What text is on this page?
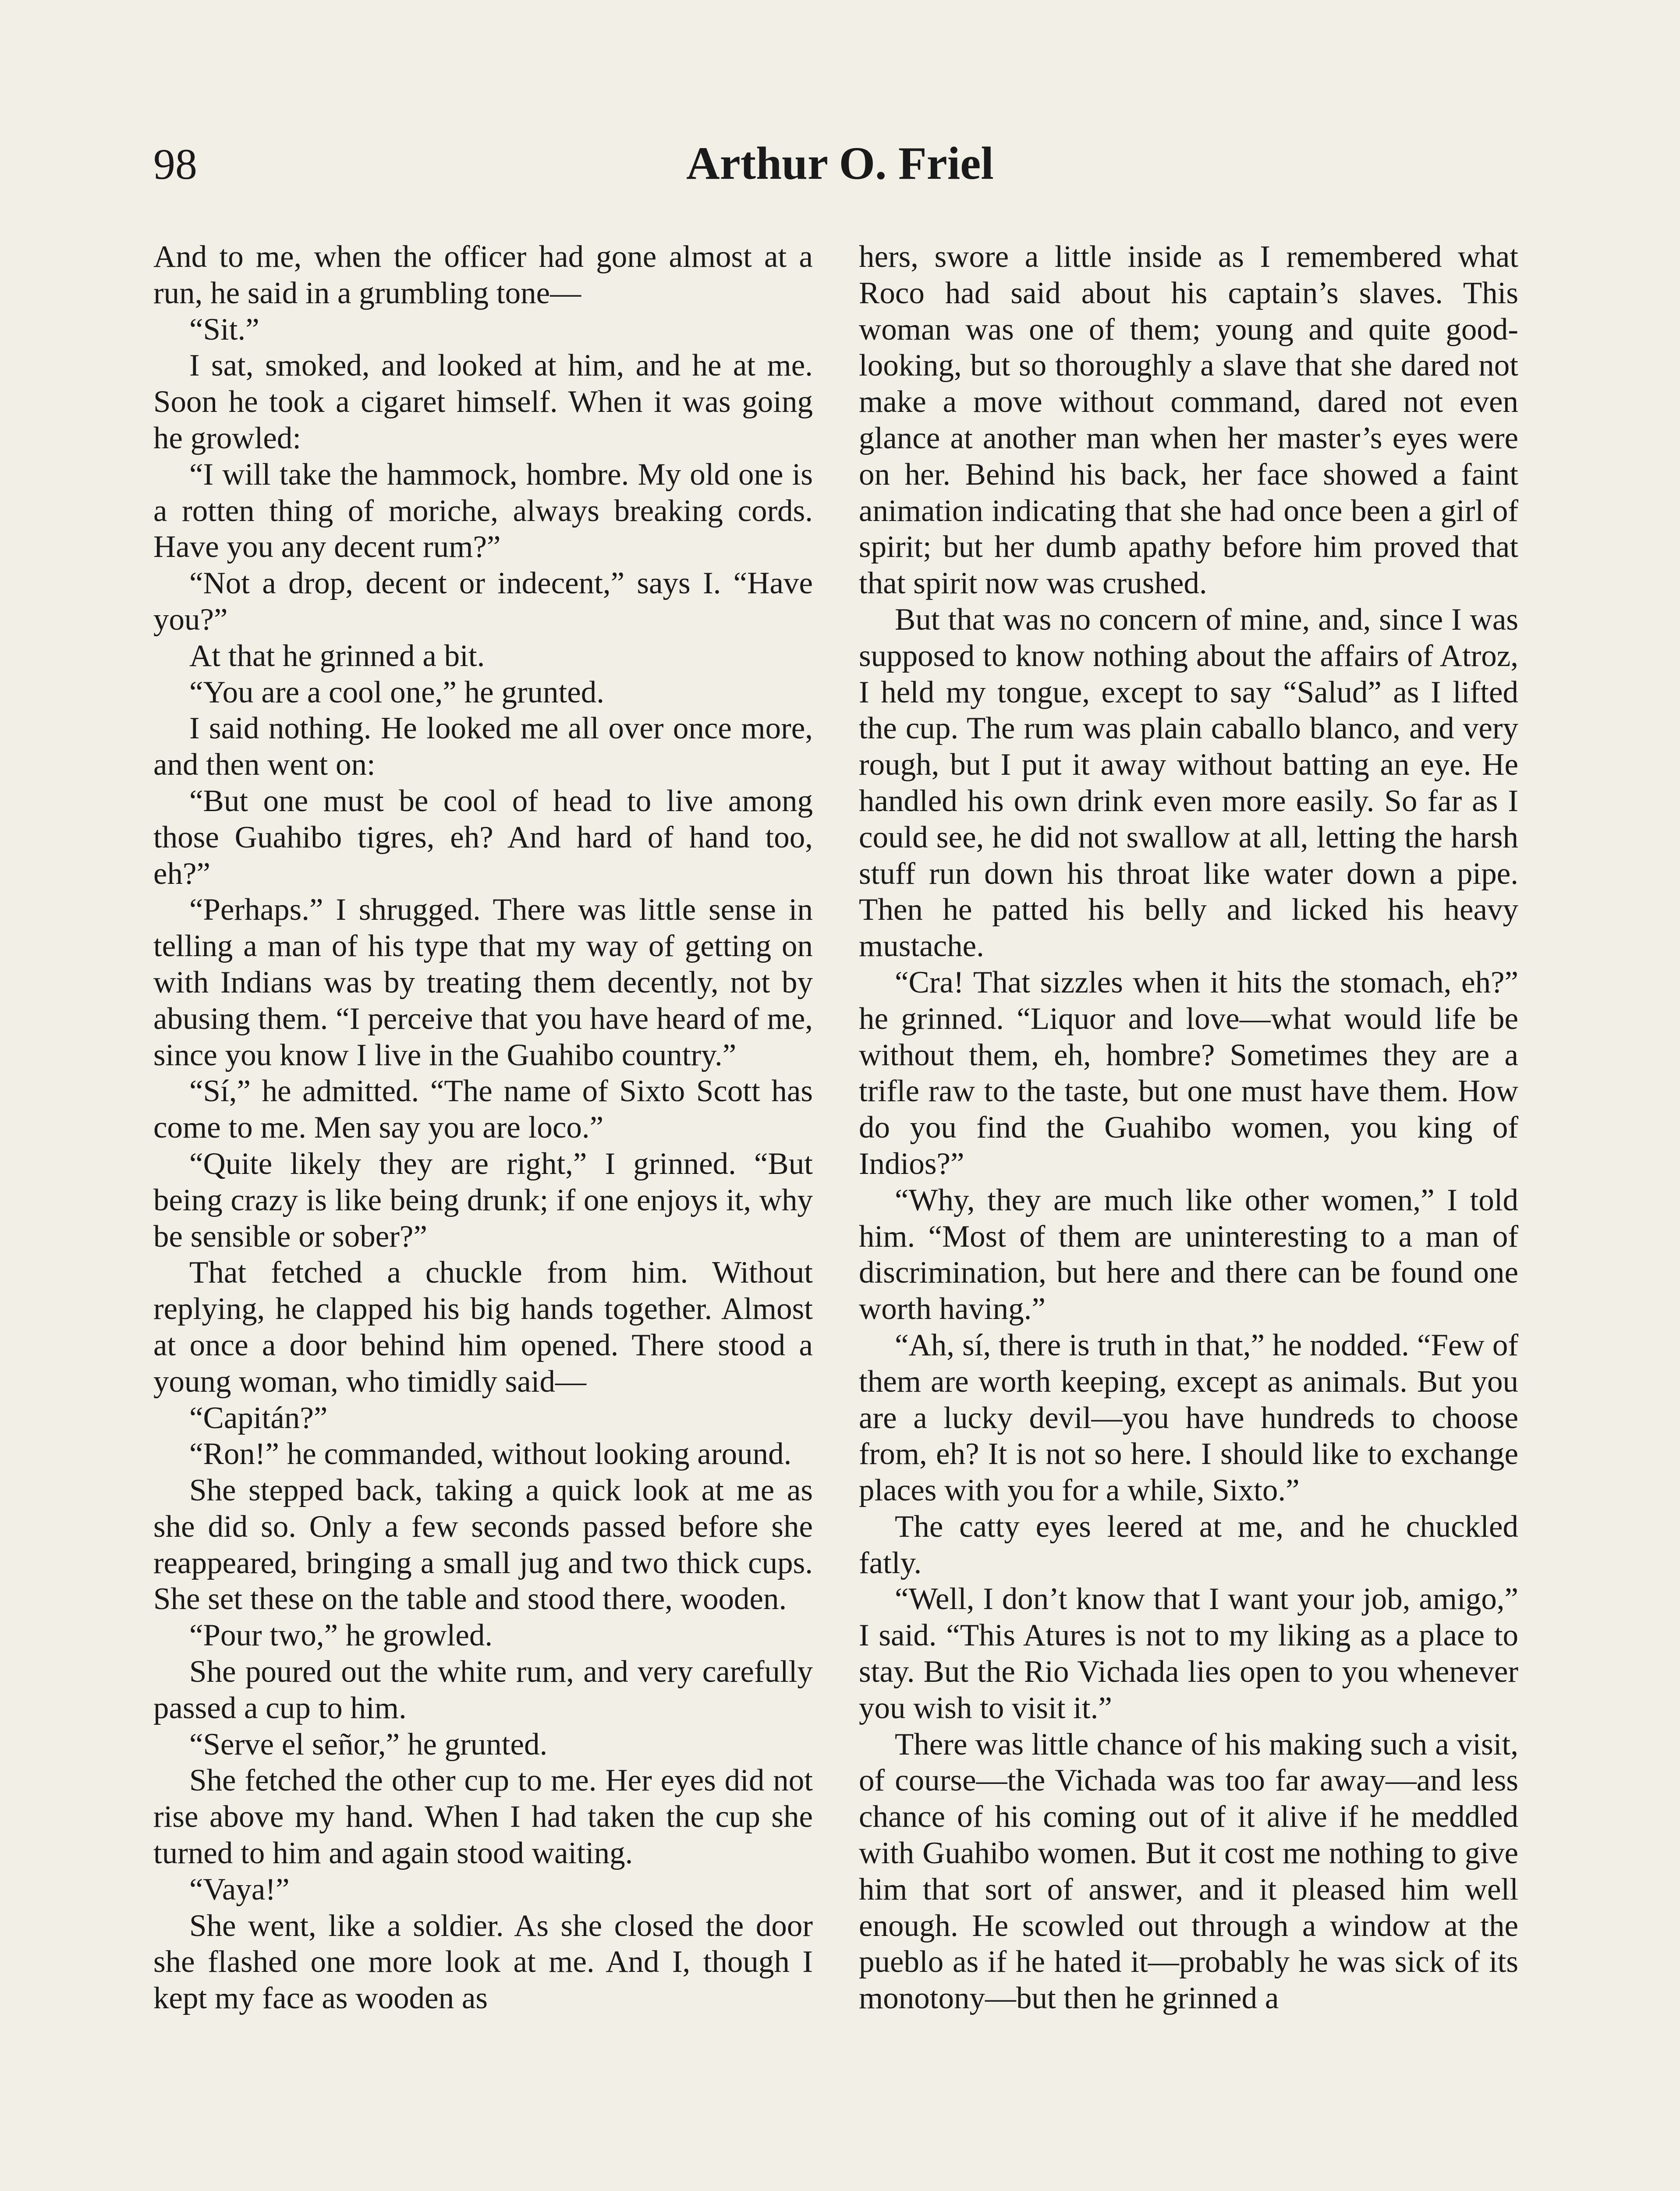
98	Arthur O. Friel

And to me, when the officer had gone almost at a run, he said in a grumbling tone—

“Sit.”

I sat, smoked, and looked at him, and he at me. Soon he took a cigaret himself. When it was going he growled:

“I will take the hammock, hombre. My old one is a rotten thing of moriche, always breaking cords. Have you any decent rum?”

“Not a drop, decent or indecent,” says I. “Have you?”

At that he grinned a bit.

“You are a cool one,” he grunted.

I said nothing. He looked me all over once more, and then went on:

“But one must be cool of head to live among those Guahibo tigres, eh? And hard of hand too, eh?”

“Perhaps.” I shrugged. There was little sense in telling a man of his type that my way of getting on with Indians was by treating them decently, not by abusing them. “I perceive that you have heard of me, since you know I live in the Guahibo country.”

“Sí,” he admitted. “The name of Sixto Scott has come to me. Men say you are loco.”

“Quite likely they are right,” I grinned. “But being crazy is like being drunk; if one enjoys it, why be sensible or sober?”

That fetched a chuckle from him. Without replying, he clapped his big hands together. Almost at once a door behind him opened. There stood a young woman, who timidly said—

“Capitán?”

“Ron!” he commanded, without looking around.

She stepped back, taking a quick look at me as she did so. Only a few seconds passed before she reappeared, bringing a small jug and two thick cups. She set these on the table and stood there, wooden.

“Pour two,” he growled.

She poured out the white rum, and very carefully passed a cup to him.

“Serve el señor,” he grunted.

She fetched the other cup to me. Her eyes did not rise above my hand. When I had taken the cup she turned to him and again stood waiting.

“Vaya!”

She went, like a soldier. As she closed the door she flashed one more look at me. And I, though I kept my face as wooden as

hers, swore a little inside as I remembered what Roco had said about his captain’s slaves. This woman was one of them; young and quite good-looking, but so thoroughly a slave that she dared not make a move without command, dared not even glance at another man when her master’s eyes were on her. Behind his back, her face showed a faint animation indicating that she had once been a girl of spirit; but her dumb apathy before him proved that that spirit now was crushed.

But that was no concern of mine, and, since I was supposed to know nothing about the affairs of Atroz, I held my tongue, except to say “Salud” as I lifted the cup. The rum was plain caballo blanco, and very rough, but I put it away without batting an eye. He handled his own drink even more easily. So far as I could see, he did not swallow at all, letting the harsh stuff run down his throat like water down a pipe. Then he patted his belly and licked his heavy mustache.

“Cra! That sizzles when it hits the stomach, eh?” he grinned. “Liquor and love—what would life be without them, eh, hombre? Sometimes they are a trifle raw to the taste, but one must have them. How do you find the Guahibo women, you king of Indios?”

“Why, they are much like other women,” I told him. “Most of them are uninteresting to a man of discrimination, but here and there can be found one worth having.”

“Ah, sí, there is truth in that,” he nodded. “Few of them are worth keeping, except as animals. But you are a lucky devil—you have hundreds to choose from, eh? It is not so here. I should like to exchange places with you for a while, Sixto.”

The catty eyes leered at me, and he chuckled fatly.

“Well, I don’t know that I want your job, amigo,” I said. “This Atures is not to my liking as a place to stay. But the Rio Vichada lies open to you whenever you wish to visit it.”

There was little chance of his making such a visit, of course—the Vichada was too far away—and less chance of his coming out of it alive if he meddled with Guahibo women. But it cost me nothing to give him that sort of answer, and it pleased him well enough. He scowled out through a window at the pueblo as if he hated it—probably he was sick of its monotony—but then he grinned a
